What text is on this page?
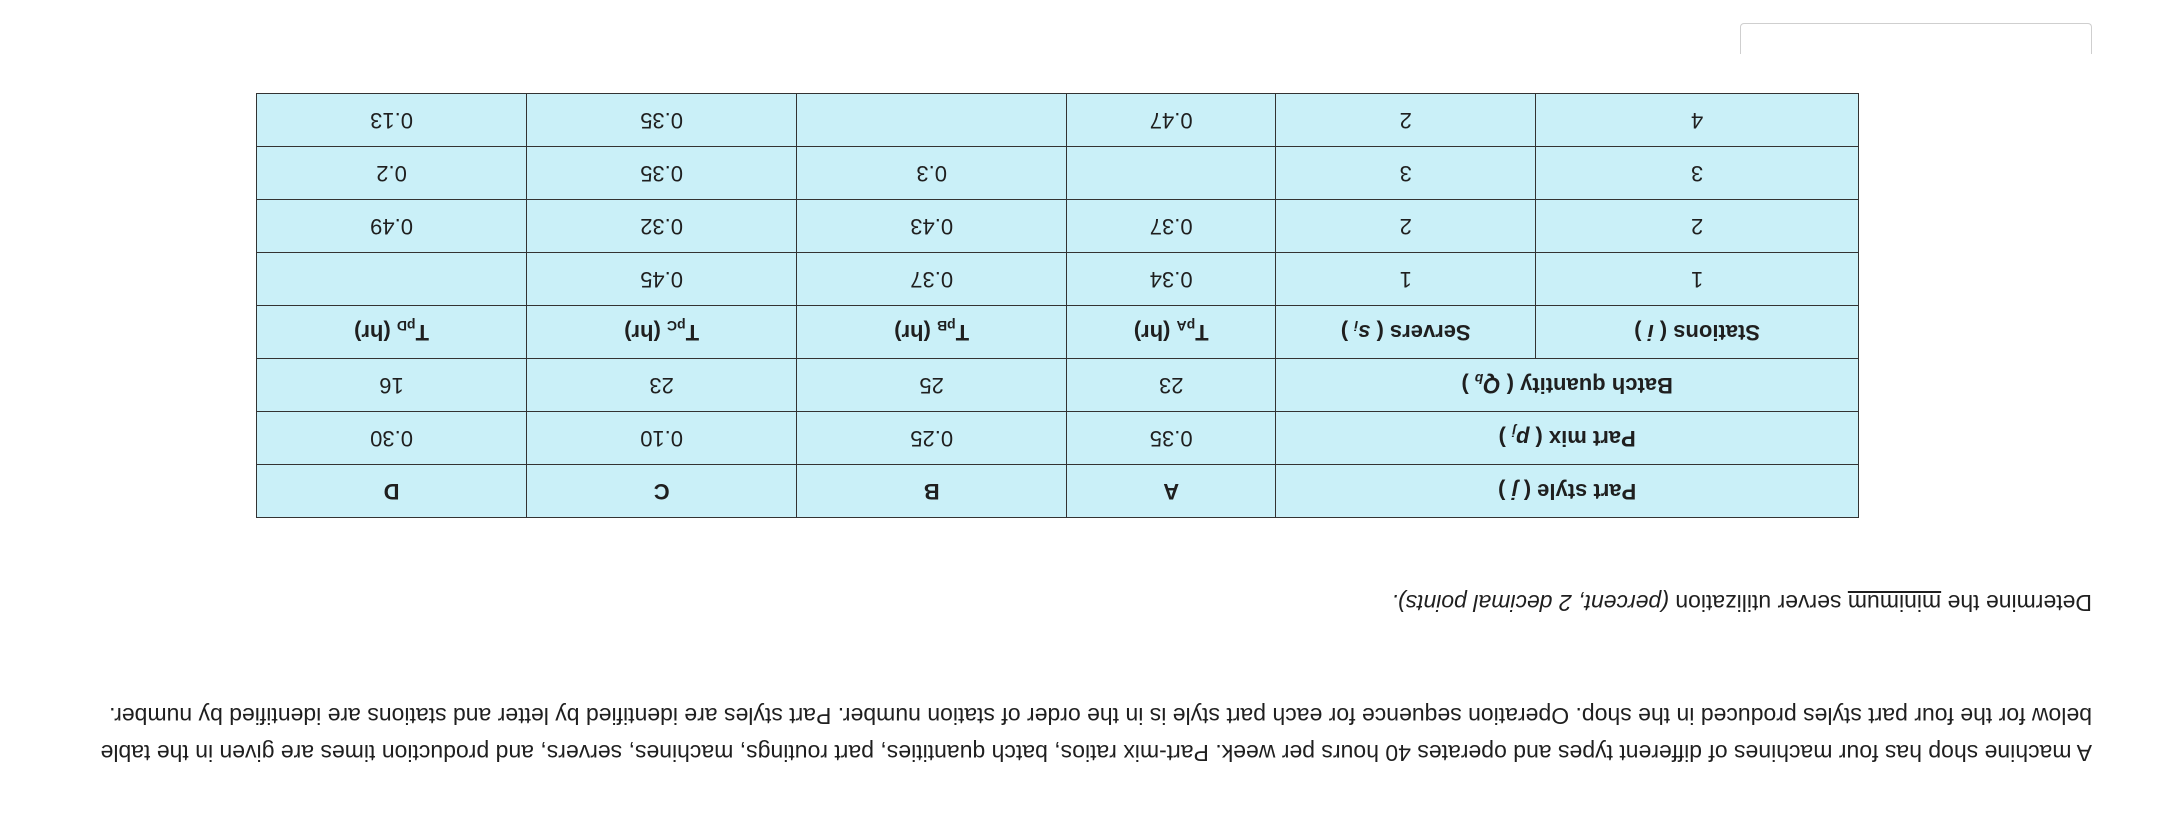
A machine shop has four machines of different types and operates 40 hours per week. Part-mix ratios, batch quantities, part routings, machines, servers, and production times are given in the table below for the four part styles produced in the shop. Operation sequence for each part style is in the order of station number. Part styles are identified by letter and stations are identified by number.

Determine the minimum server utilization (percent, 2 decimal points).

Part style ( j )		A	B	C	D
Part mix ( $p_j$ )		0.35	0.25	0.10	0.30
Batch quantity ( $Q_b$ )		23	25	23	16
Stations ( i )	Servers ( $s_i$ )	$T_{pA}$ (hr)	$T_{pB}$ (hr)	$T_{pC}$ (hr)	$T_{pD}$ (hr)
1	1	0.34	0.37	0.45	
2	2	0.37	0.43	0.32	0.49
3	3		0.3	0.35	0.2
4	2	0.47		0.35	0.13
